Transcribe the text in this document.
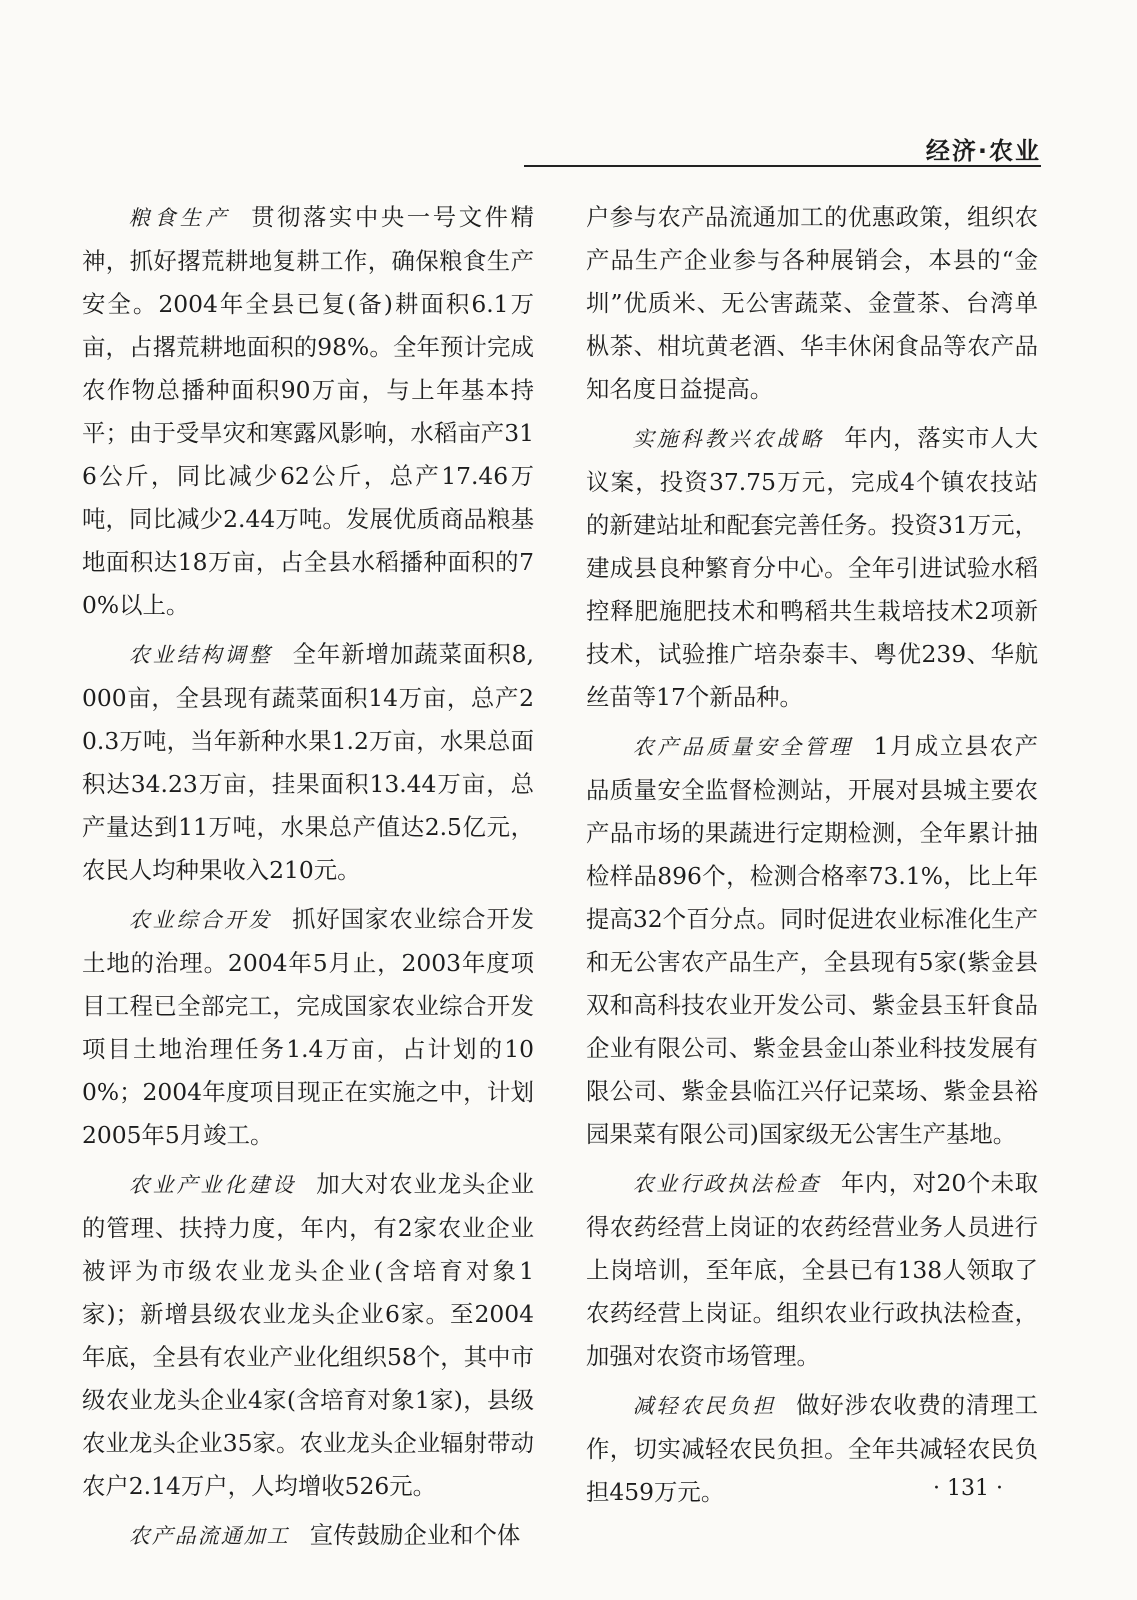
经济·农业

粮食生产 贯彻落实中央一号文件精神，抓好撂荒耕地复耕工作，确保粮食生产安全。2004年全县已复(备)耕面积6.1万亩，占撂荒耕地面积的98%。全年预计完成农作物总播种面积90万亩，与上年基本持平；由于受旱灾和寒露风影响，水稻亩产316公斤，同比减少62公斤，总产17.46万吨，同比减少2.44万吨。发展优质商品粮基地面积达18万亩，占全县水稻播种面积的70%以上。

农业结构调整 全年新增加蔬菜面积8,000亩，全县现有蔬菜面积14万亩，总产20.3万吨，当年新种水果1.2万亩，水果总面积达34.23万亩，挂果面积13.44万亩，总产量达到11万吨，水果总产值达2.5亿元，农民人均种果收入210元。

农业综合开发 抓好国家农业综合开发土地的治理。2004年5月止，2003年度项目工程已全部完工，完成国家农业综合开发项目土地治理任务1.4万亩，占计划的100%；2004年度项目现正在实施之中，计划2005年5月竣工。

农业产业化建设 加大对农业龙头企业的管理、扶持力度，年内，有2家农业企业被评为市级农业龙头企业(含培育对象1家)；新增县级农业龙头企业6家。至2004年底，全县有农业产业化组织58个，其中市级农业龙头企业4家(含培育对象1家)，县级农业龙头企业35家。农业龙头企业辐射带动农户2.14万户，人均增收526元。

农产品流通加工 宣传鼓励企业和个体

户参与农产品流通加工的优惠政策，组织农产品生产企业参与各种展销会，本县的“金圳”优质米、无公害蔬菜、金萱茶、台湾单枞茶、柑坑黄老酒、华丰休闲食品等农产品知名度日益提高。

实施科教兴农战略 年内，落实市人大议案，投资37.75万元，完成4个镇农技站的新建站址和配套完善任务。投资31万元，建成县良种繁育分中心。全年引进试验水稻控释肥施肥技术和鸭稻共生栽培技术2项新技术，试验推广培杂泰丰、粤优239、华航丝苗等17个新品种。

农产品质量安全管理 1月成立县农产品质量安全监督检测站，开展对县城主要农产品市场的果蔬进行定期检测，全年累计抽检样品896个，检测合格率73.1%，比上年提高32个百分点。同时促进农业标准化生产和无公害农产品生产，全县现有5家(紫金县双和高科技农业开发公司、紫金县玉轩食品企业有限公司、紫金县金山茶业科技发展有限公司、紫金县临江兴仔记菜场、紫金县裕园果菜有限公司)国家级无公害生产基地。

农业行政执法检查 年内，对20个未取得农药经营上岗证的农药经营业务人员进行上岗培训，至年底，全县已有138人领取了农药经营上岗证。组织农业行政执法检查，加强对农资市场管理。

减轻农民负担 做好涉农收费的清理工作，切实减轻农民负担。全年共减轻农民负担459万元。	· 131 ·
